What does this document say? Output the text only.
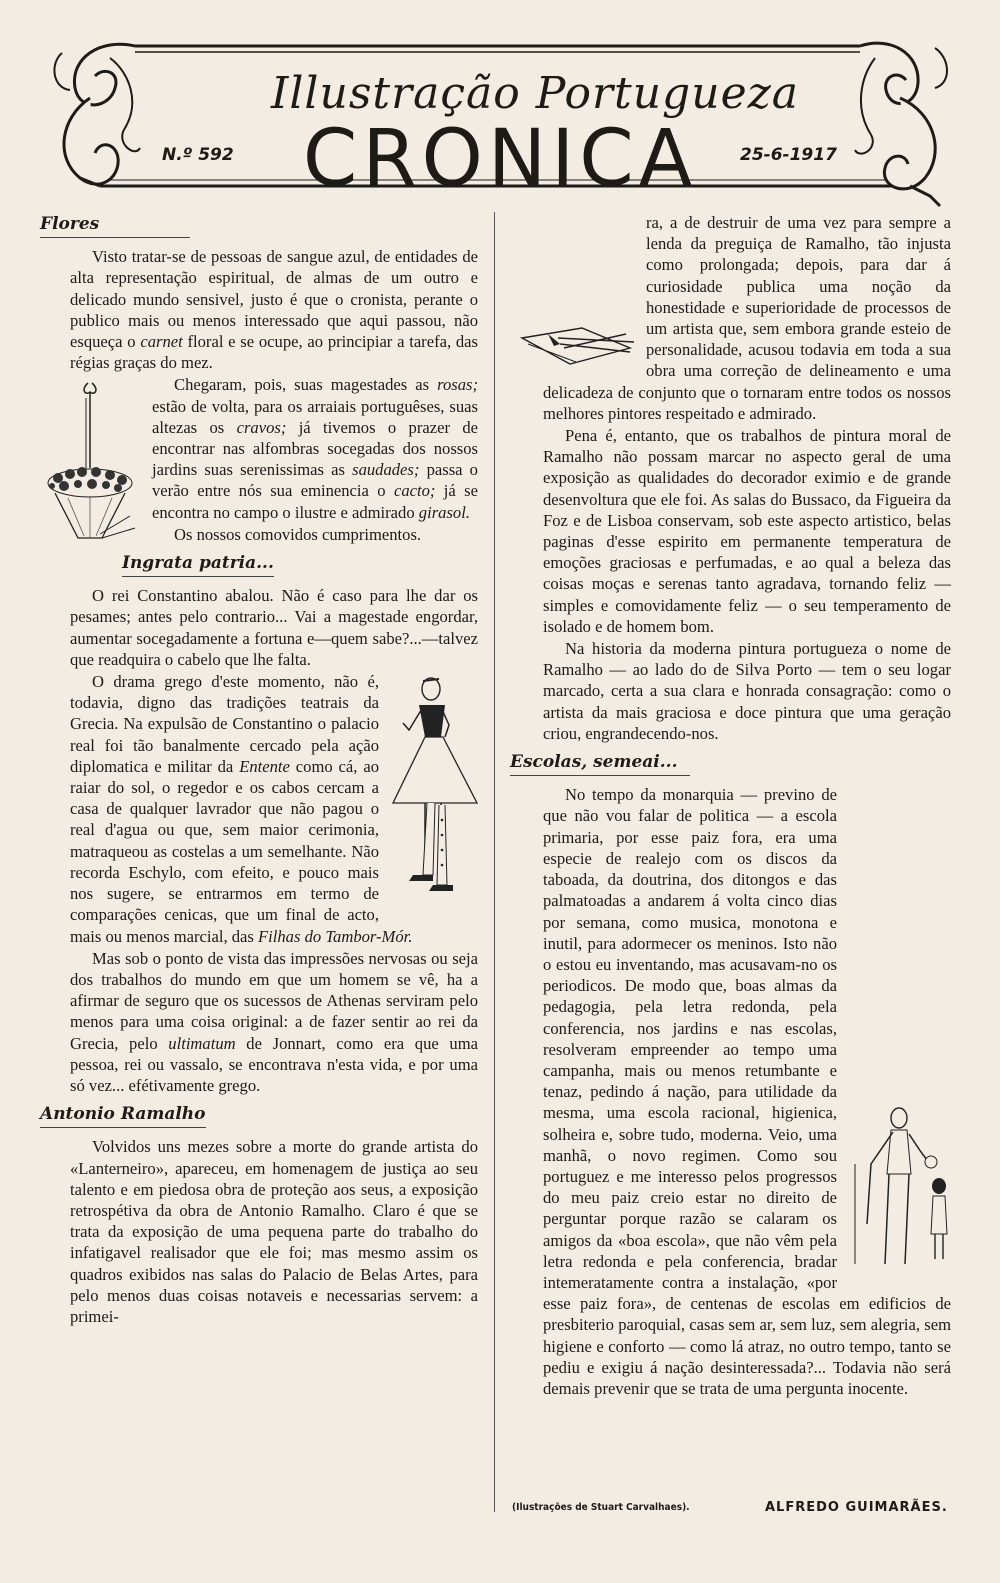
Illustração Portugueza
CRONICA
N.º 592	25-6-1917
Flores

Visto tratar-se de pessoas de sangue azul, de entidades de alta representação espiritual, de almas de um outro e delicado mundo sensivel, justo é que o cronista, perante o publico mais ou menos interessado que aqui passou, não esqueça o carnet floral e se ocupe, ao principiar a tarefa, das régias graças do mez.

Chegaram, pois, suas magestades as rosas; estão de volta, para os arraiais portuguêses, suas altezas os cravos; já tivemos o prazer de encontrar nas alfombras socegadas dos nossos jardins suas serenissimas as saudades; passa o verão entre nós sua eminencia o cacto; já se encontra no campo o ilustre e admirado girasol.

Os nossos comovidos cumprimentos.

Ingrata patria...

O rei Constantino abalou. Não é caso para lhe dar os pesames; antes pelo contrario... Vai a magestade engordar, aumentar socegadamente a fortuna e—quem sabe?...—talvez que readquira o cabelo que lhe falta.

O drama grego d'este momento, não é, todavia, digno das tradições teatrais da Grecia. Na expulsão de Constantino o palacio real foi tão banalmente cercado pela ação diplomatica e militar da Entente como cá, ao raiar do sol, o regedor e os cabos cercam a casa de qualquer lavrador que não pagou o real d'agua ou que, sem maior cerimonia, matraqueou as costelas a um semelhante. Não recorda Eschylo, com efeito, e pouco mais nos sugere, se entrarmos em termo de comparações cenicas, que um final de acto, mais ou menos marcial, das Filhas do Tambor-Mór.

Mas sob o ponto de vista das impressões nervosas ou seja dos trabalhos do mundo em que um homem se vê, ha a afirmar de seguro que os sucessos de Athenas serviram pelo menos para uma coisa original: a de fazer sentir ao rei da Grecia, pelo ultimatum de Jonnart, como era que uma pessoa, rei ou vassalo, se encontrava n'esta vida, e por uma só vez... efétivamente grego.

Antonio Ramalho

Volvidos uns mezes sobre a morte do grande artista do «Lanterneiro», apareceu, em homenagem de justiça ao seu talento e em piedosa obra de proteção aos seus, a exposição retrospétiva da obra de Antonio Ramalho. Claro é que se trata da exposição de uma pequena parte do trabalho do infatigavel realisador que ele foi; mas mesmo assim os quadros exibidos nas salas do Palacio de Belas Artes, para pelo menos duas coisas notaveis e necessarias servem: a primei-

ra, a de destruir de uma vez para sempre a lenda da preguiça de Ramalho, tão injusta como prolongada; depois, para dar á curiosidade publica uma noção da honestidade e superioridade de processos de um artista que, sem embora grande esteio de personalidade, acusou todavia em toda a sua obra uma correção de delineamento e uma delicadeza de conjunto que o tornaram entre todos os nossos melhores pintores respeitado e admirado.

Pena é, entanto, que os trabalhos de pintura moral de Ramalho não possam marcar no aspecto geral de uma exposição as qualidades do decorador eximio e de grande desenvoltura que ele foi. As salas do Bussaco, da Figueira da Foz e de Lisboa conservam, sob este aspecto artistico, belas paginas d'esse espirito em permanente temperatura de emoções graciosas e perfumadas, e ao qual a beleza das coisas moças e serenas tanto agradava, tornando feliz — simples e comovidamente feliz — o seu temperamento de isolado e de homem bom.

Na historia da moderna pintura portugueza o nome de Ramalho — ao lado do de Silva Porto — tem o seu logar marcado, certa a sua clara e honrada consagração: como o artista da mais graciosa e doce pintura que uma geração criou, engrandecendo-nos.

Escolas, semeai...

No tempo da monarquia — previno de que não vou falar de politica — a escola primaria, por esse paiz fora, era uma especie de realejo com os discos da taboada, da doutrina, dos ditongos e das palmatoadas a andarem á volta cinco dias por semana, como musica, monotona e inutil, para adormecer os meninos. Isto não o estou eu inventando, mas acusavam-no os periodicos. De modo que, boas almas da pedagogia, pela letra redonda, pela conferencia, nos jardins e nas escolas, resolveram empreender ao tempo uma campanha, mais ou menos retumbante e tenaz, pedindo á nação, para utilidade da mesma, uma escola racional, higienica, solheira e, sobre tudo, moderna. Veio, uma manhã, o novo regimen. Como sou portuguez e me interesso pelos progressos do meu paiz creio estar no direito de perguntar porque razão se calaram os amigos da «boa escola», que não vêm pela letra redonda e pela conferencia, bradar intemeratamente contra a instalação, «por esse paiz fora», de centenas de escolas em edificios de presbiterio paroquial, casas sem ar, sem luz, sem alegria, sem higiene e conforto — como lá atraz, no outro tempo, tanto se pediu e exigiu á nação desinteressada?... Todavia não será demais prevenir que se trata de uma pergunta inocente.

(Ilustrações de Stuart Carvalhaes).	ALFREDO GUIMARÃES.
